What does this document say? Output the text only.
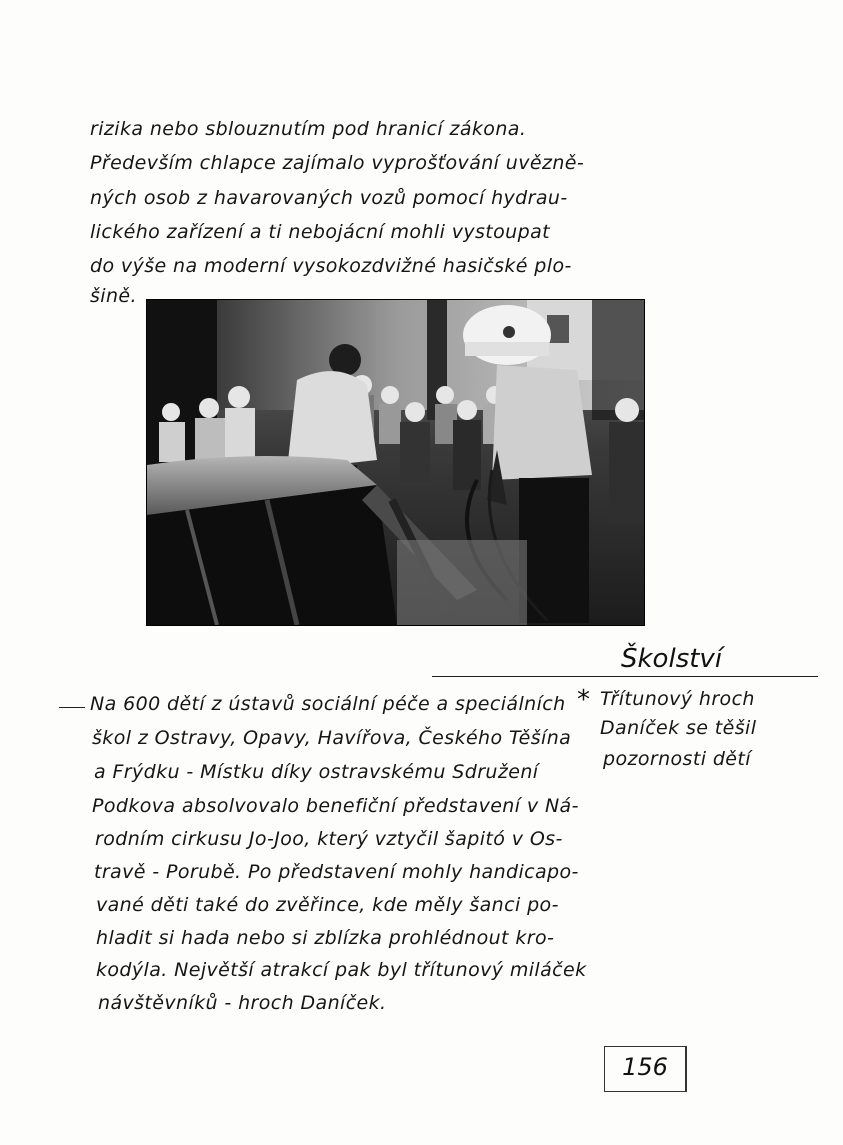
rizika nebo sblouznutím pod hranicí zákona.

Především chlapce zajímalo vyprošťování uvězně-

ných osob z havarovaných vozů pomocí hydrau-

lického zařízení a ti nebojácní mohli vystoupat

do výše na moderní vysokozdvižné hasičské plo-

šině.

Školství
*

Na 600 dětí z ústavů sociální péče a speciálních

škol z Ostravy, Opavy, Havířova, Českého Těšína

a Frýdku - Místku díky ostravskému Sdružení

Podkova absolvovalo benefiční představení v Ná-

rodním cirkusu Jo-Joo, který vztyčil šapitó v Os-

travě - Porubě. Po představení mohly handicapo-

vané děti také do zvěřince, kde měly šanci po-

hladit si hada nebo si zblízka prohlédnout kro-

kodýla. Největší atrakcí pak byl třítunový miláček

návštěvníků - hroch Daníček.

Třítunový hroch

Daníček se těšil

pozornosti dětí

156
